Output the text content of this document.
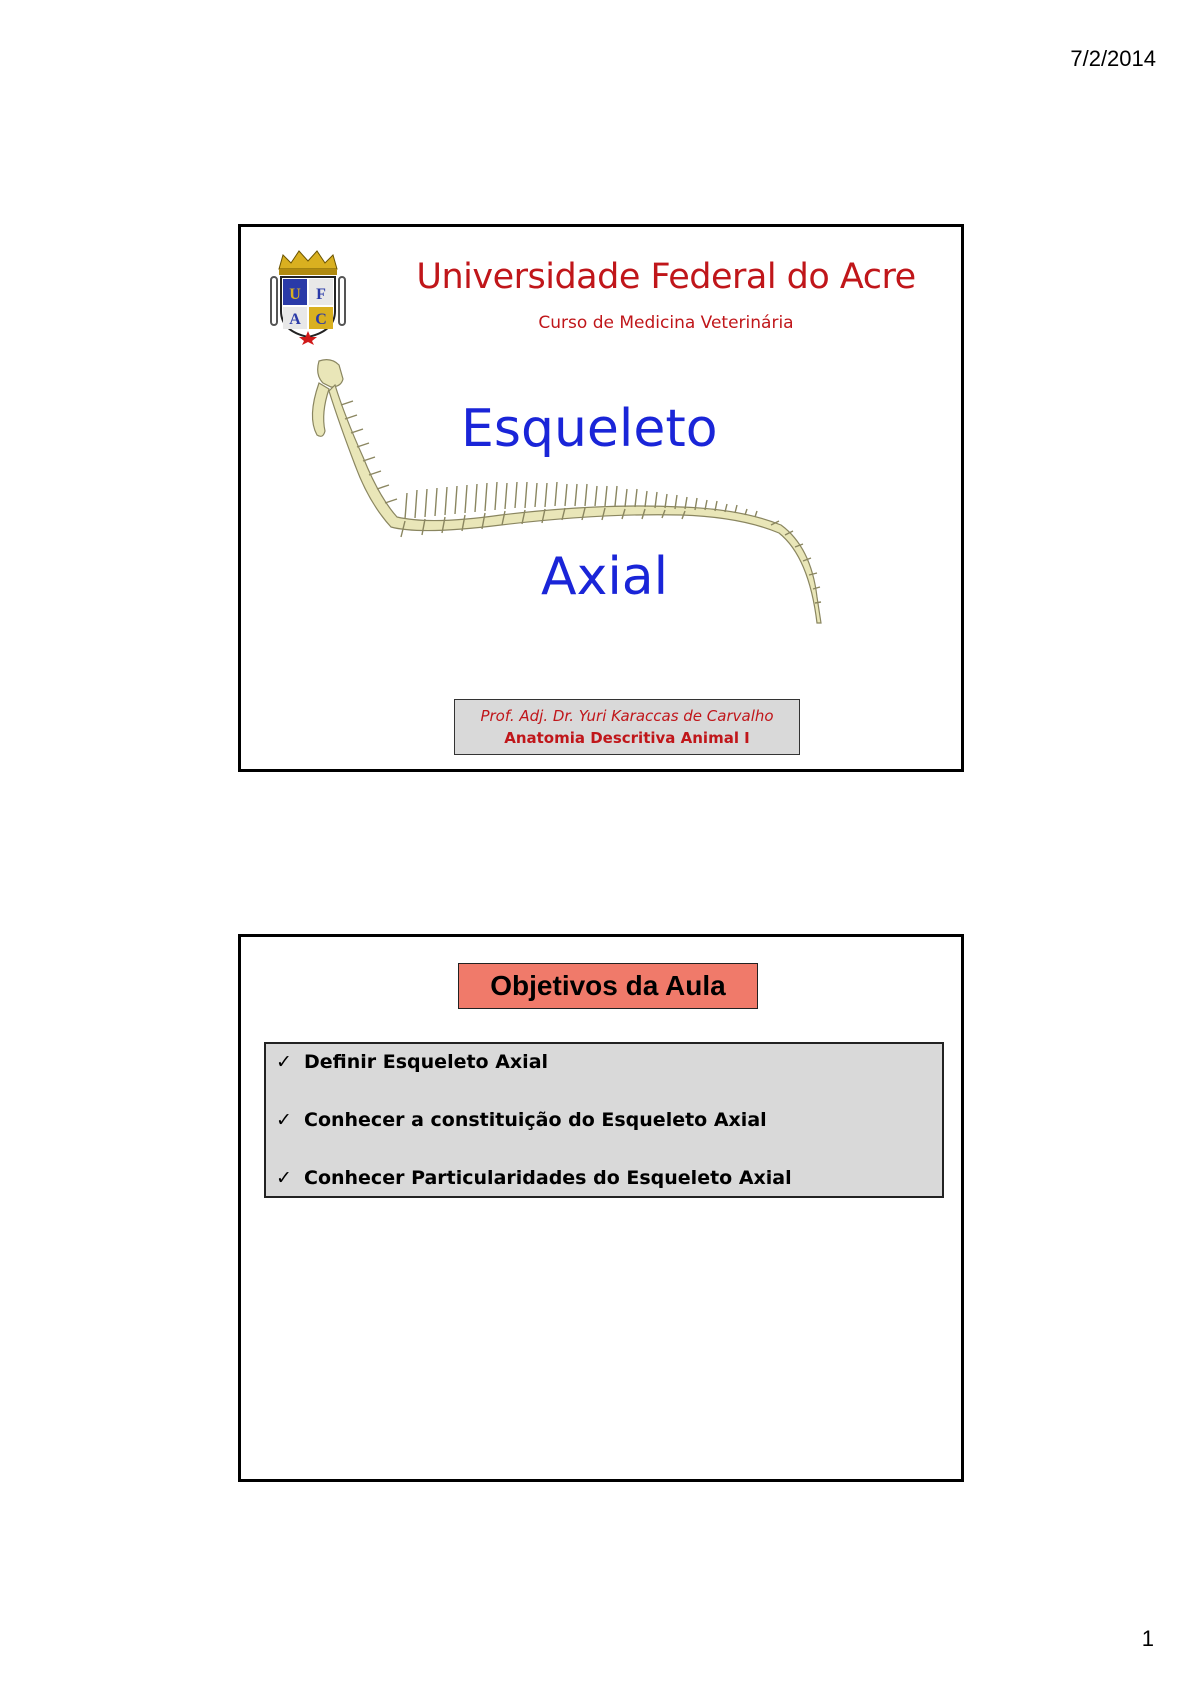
7/2/2014
U F
A C
Universidade Federal do Acre
Curso de Medicina Veterinária
Esqueleto
Axial
Prof. Adj. Dr. Yuri Karaccas de Carvalho
Anatomia Descritiva Animal I
Objetivos da Aula
✓ Definir Esqueleto Axial
✓ Conhecer a constituição do Esqueleto Axial
✓ Conhecer Particularidades do Esqueleto Axial
1
